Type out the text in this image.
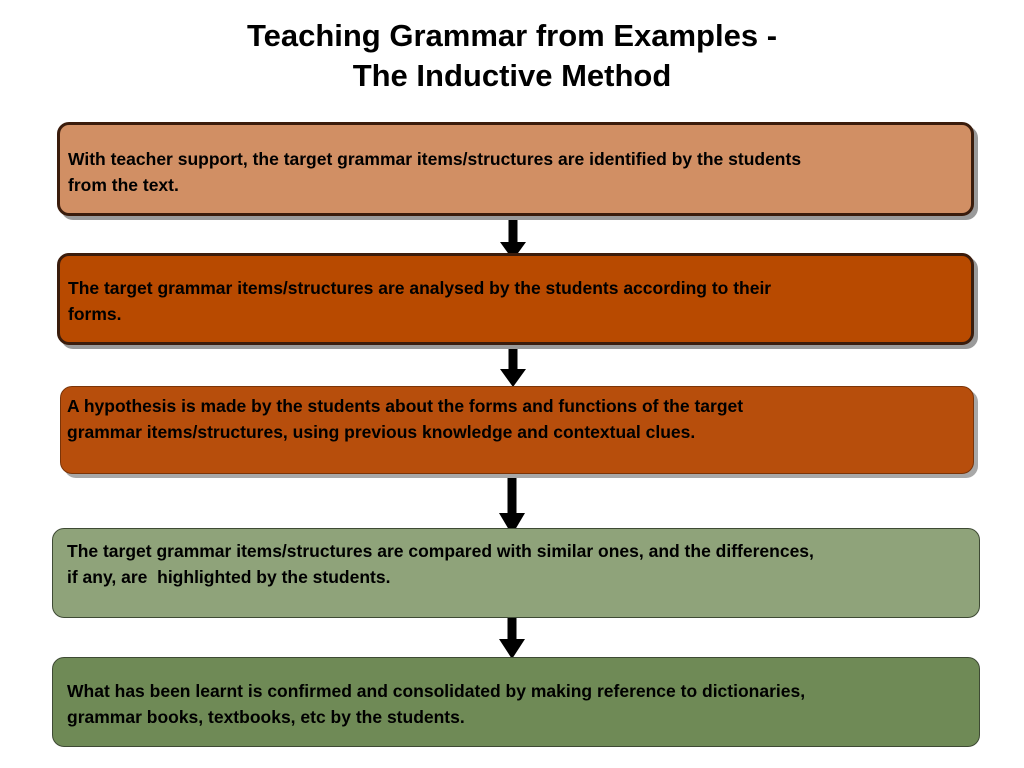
Teaching Grammar from Examples -
The Inductive Method
With teacher support, the target grammar items/structures are identified by the students
from the text.
The target grammar items/structures are analysed by the students according to their
forms.
A hypothesis is made by the students about the forms and functions of the target
grammar items/structures, using previous knowledge and contextual clues.
The target grammar items/structures are compared with similar ones, and the differences,
if any, are  highlighted by the students.
What has been learnt is confirmed and consolidated by making reference to dictionaries,
grammar books, textbooks, etc by the students.
